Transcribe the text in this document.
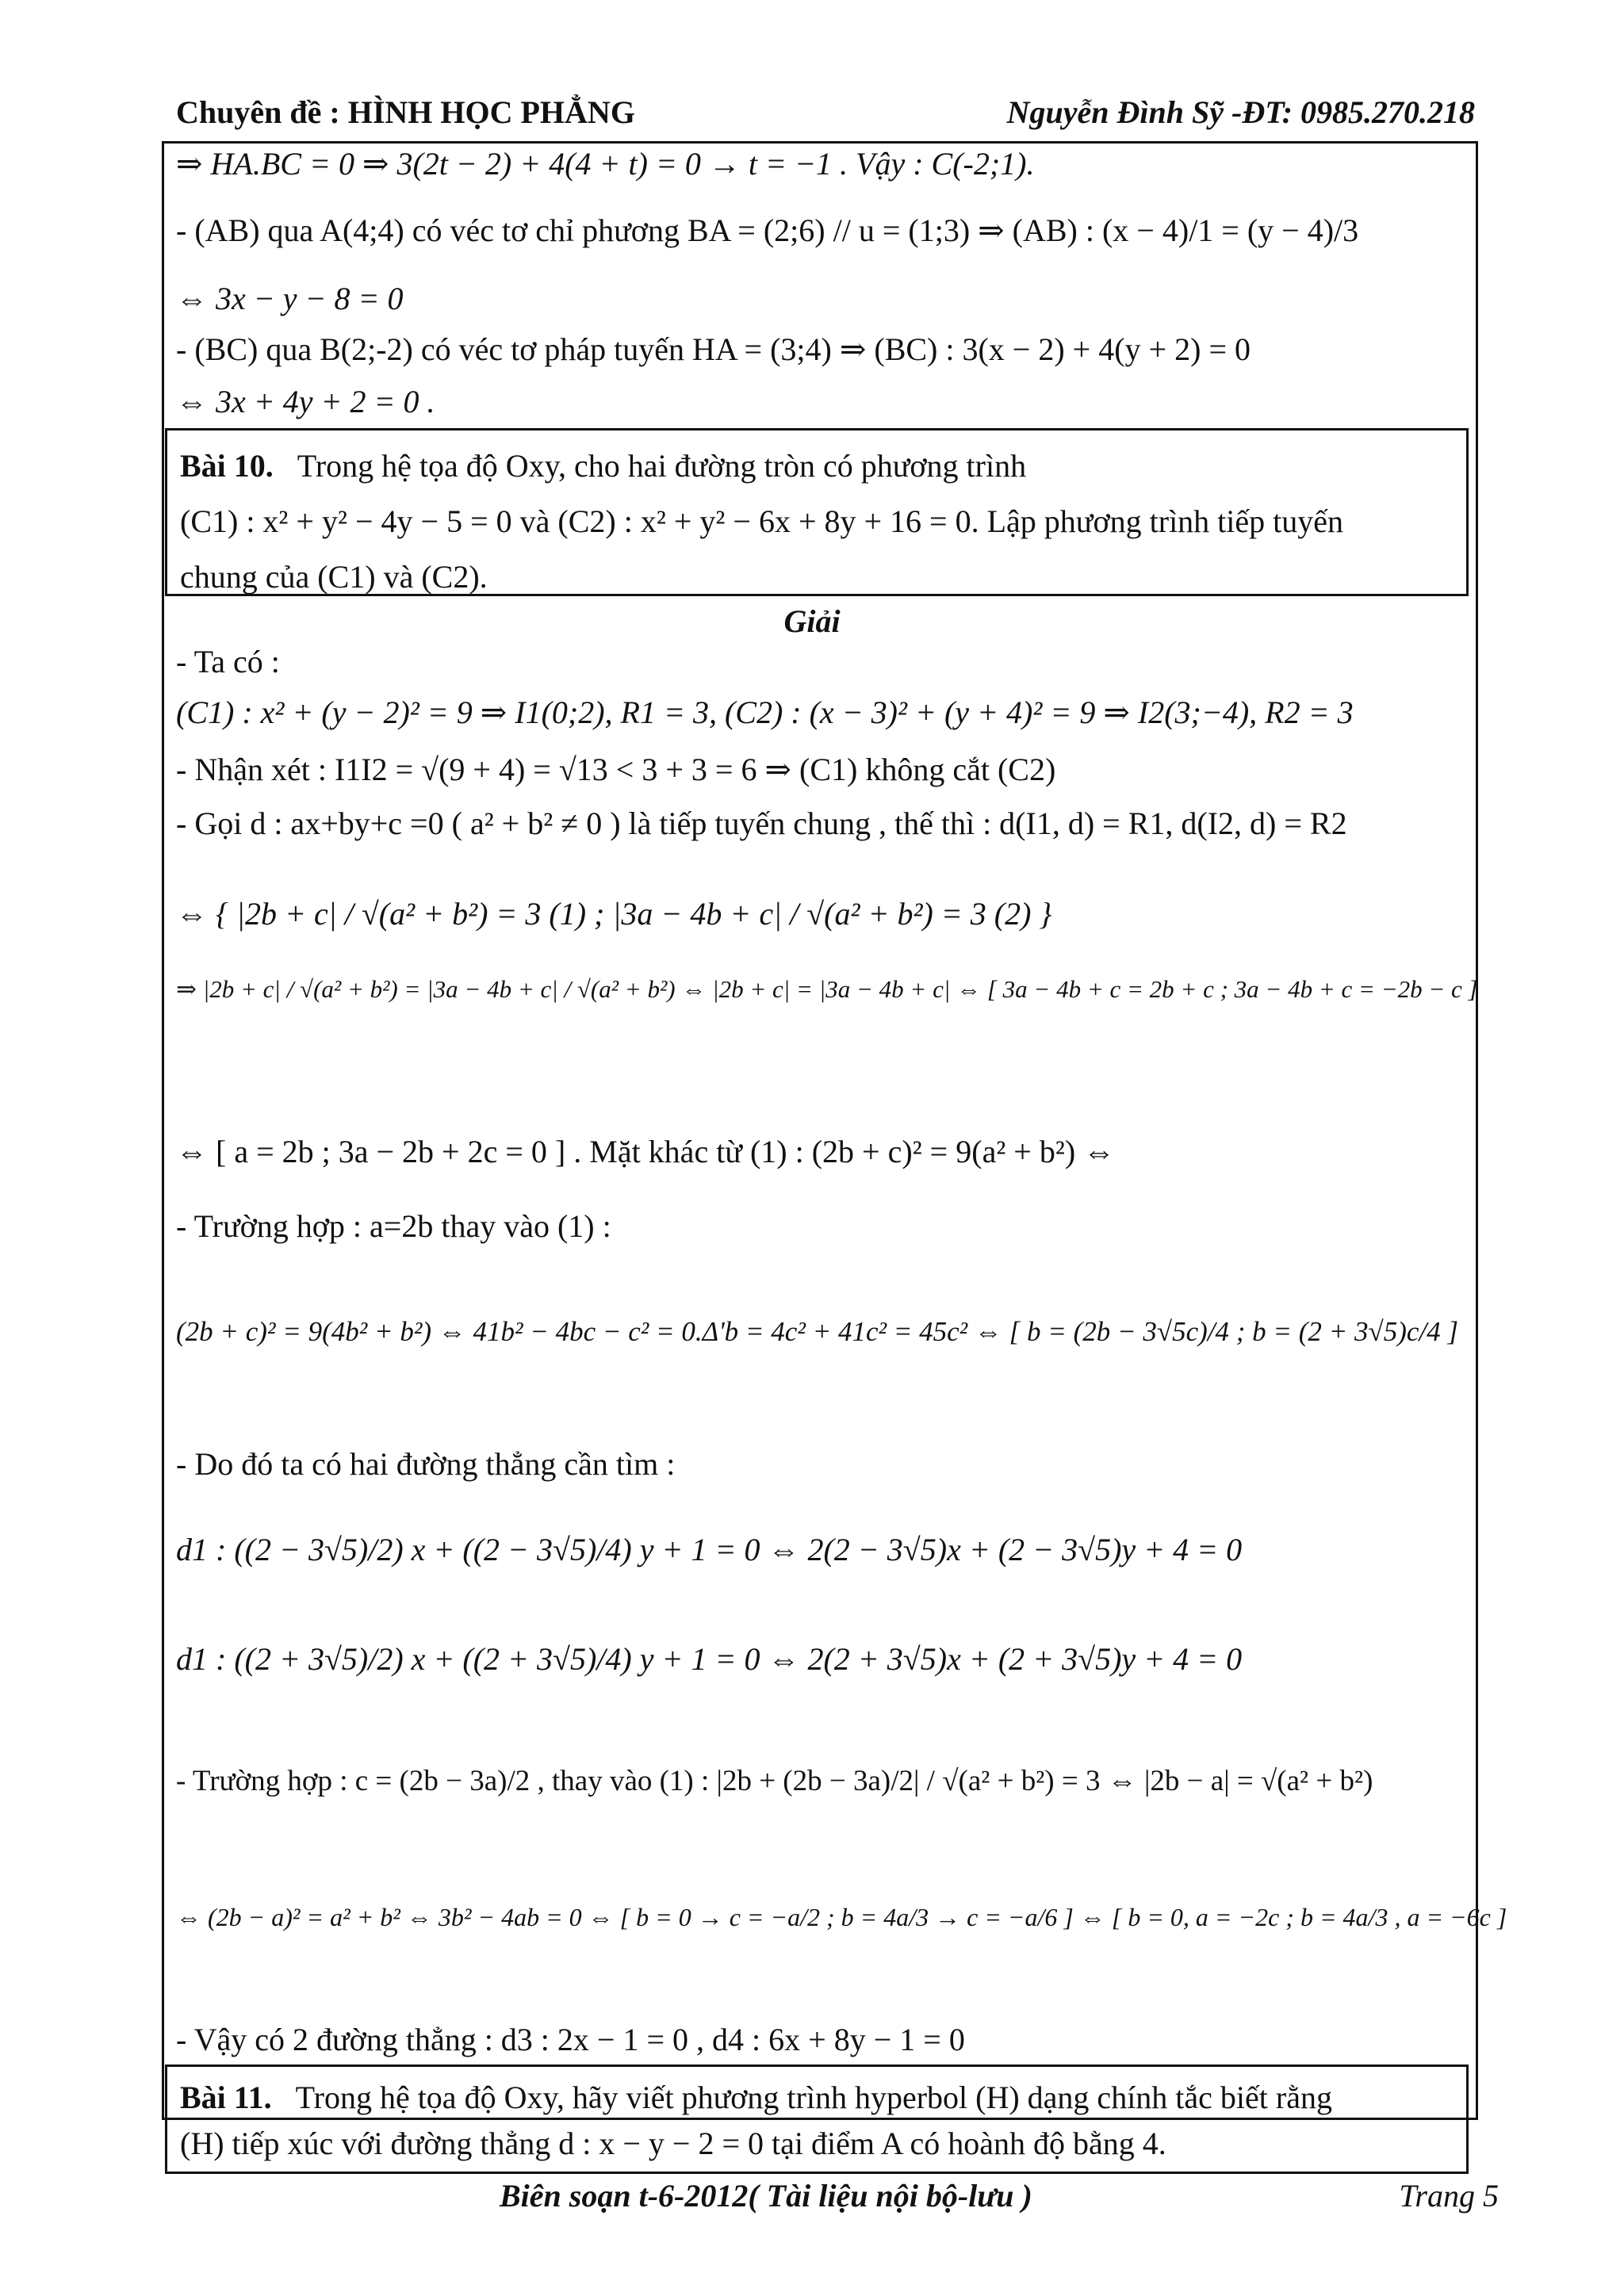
Chuyên đề : HÌNH HỌC PHẲNG	Nguyễn Đình Sỹ -ĐT: 0985.270.218
⇒ HA.BC = 0 ⇒ 3(2t − 2) + 4(4 + t) = 0 → t = −1 . Vậy : C(-2;1).
- (AB) qua A(4;4) có véc tơ chỉ phương BA = (2;6) // u = (1;3) ⇒ (AB) : (x − 4)/1 = (y − 4)/3
⇔ 3x − y − 8 = 0
- (BC) qua B(2;-2) có véc tơ pháp tuyến HA = (3;4) ⇒ (BC) : 3(x − 2) + 4(y + 2) = 0
⇔ 3x + 4y + 2 = 0 .
Bài 10. Trong hệ tọa độ Oxy, cho hai đường tròn có phương trình
(C1) : x² + y² − 4y − 5 = 0 và (C2) : x² + y² − 6x + 8y + 16 = 0. Lập phương trình tiếp tuyến
chung của (C1) và (C2).
Giải
- Ta có :
(C1) : x² + (y − 2)² = 9 ⇒ I1(0;2), R1 = 3, (C2) : (x − 3)² + (y + 4)² = 9 ⇒ I2(3;−4), R2 = 3
- Nhận xét : I1I2 = √(9 + 4) = √13 < 3 + 3 = 6 ⇒ (C1) không cắt (C2)
- Gọi d : ax+by+c =0 ( a² + b² ≠ 0 ) là tiếp tuyến chung , thế thì : d(I1, d) = R1, d(I2, d) = R2
⇔ { |2b + c| / √(a² + b²) = 3 (1) ; |3a − 4b + c| / √(a² + b²) = 3 (2) }
⇒ |2b + c| / √(a² + b²) = |3a − 4b + c| / √(a² + b²) ⇔ |2b + c| = |3a − 4b + c| ⇔ [ 3a − 4b + c = 2b + c ; 3a − 4b + c = −2b − c ]
⇔ [ a = 2b ; 3a − 2b + 2c = 0 ] . Mặt khác từ (1) : (2b + c)² = 9(a² + b²) ⇔
- Trường hợp : a=2b thay vào (1) :
(2b + c)² = 9(4b² + b²) ⇔ 41b² − 4bc − c² = 0.Δ'b = 4c² + 41c² = 45c² ⇔ [ b = (2b − 3√5c)/4 ; b = (2 + 3√5)c/4 ]
- Do đó ta có hai đường thẳng cần tìm :
d1 : ((2 − 3√5)/2) x + ((2 − 3√5)/4) y + 1 = 0 ⇔ 2(2 − 3√5)x + (2 − 3√5)y + 4 = 0
d1 : ((2 + 3√5)/2) x + ((2 + 3√5)/4) y + 1 = 0 ⇔ 2(2 + 3√5)x + (2 + 3√5)y + 4 = 0
- Trường hợp : c = (2b − 3a)/2 , thay vào (1) : |2b + (2b − 3a)/2| / √(a² + b²) = 3 ⇔ |2b − a| = √(a² + b²)
⇔ (2b − a)² = a² + b² ⇔ 3b² − 4ab = 0 ⇔ [ b = 0 → c = −a/2 ; b = 4a/3 → c = −a/6 ] ⇔ [ b = 0, a = −2c ; b = 4a/3 , a = −6c ]
- Vậy có 2 đường thẳng : d3 : 2x − 1 = 0 , d4 : 6x + 8y − 1 = 0
Bài 11. Trong hệ tọa độ Oxy, hãy viết phương trình hyperbol (H) dạng chính tắc biết rằng
(H) tiếp xúc với đường thẳng d : x − y − 2 = 0 tại điểm A có hoành độ bằng 4.
Biên soạn t-6-2012( Tài liệu nội bộ-lưu )	Trang 5
